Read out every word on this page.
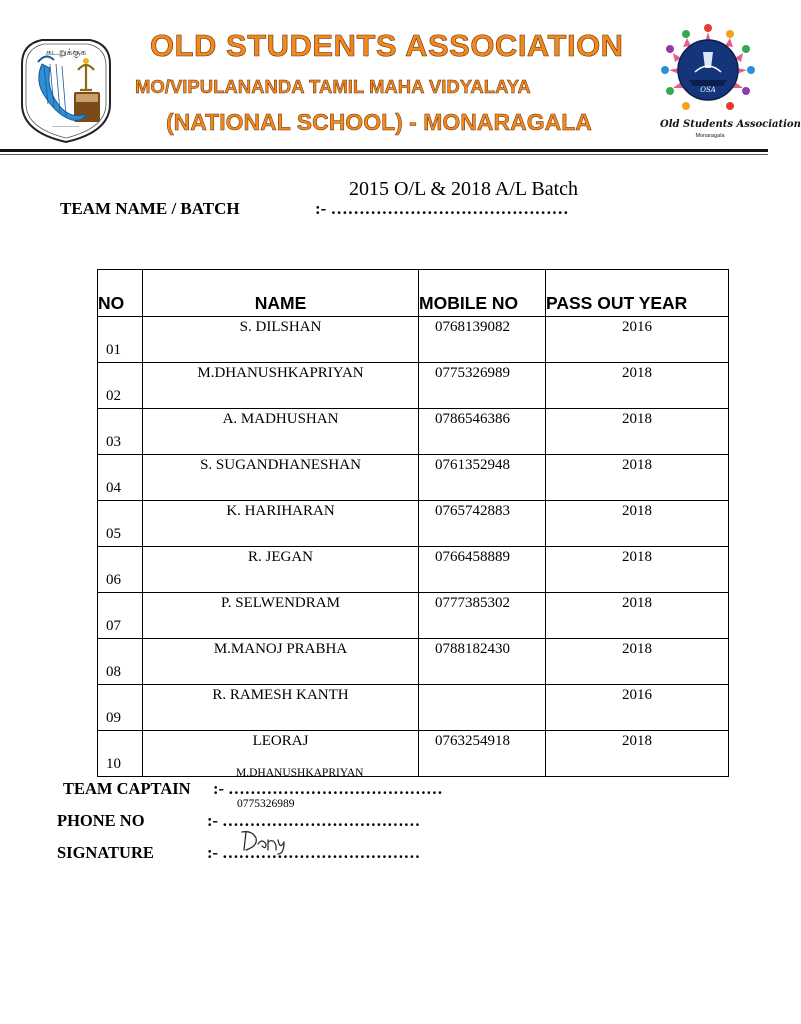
கடறுக்குக
---------------
OLD STUDENTS ASSOCIATION
MO/VIPULANANDA TAMIL MAHA VIDYALAYA
(NATIONAL SCHOOL) - MONARAGALA
OSA
Old Students Association
Monaragala
TEAM NAME / BATCH	:- ……………………………………
2015 O/L & 2018 A/L Batch
NO	NAME	MOBILE NO	PASS OUT YEAR
01	S. DILSHAN	0768139082	2016
02	M.DHANUSHKAPRIYAN	0775326989	2018
03	A. MADHUSHAN	0786546386	2018
04	S. SUGANDHANESHAN	0761352948	2018
05	K. HARIHARAN	0765742883	2018
06	R. JEGAN	0766458889	2018
07	P. SELWENDRAM	0777385302	2018
08	M.MANOJ PRABHA	0788182430	2018
09	R. RAMESH KANTH		2016
10	LEORAJ	0763254918	2018
M.DHANUSHKAPRIYAN
TEAM CAPTAIN :- …………………………………
0775326989
PHONE NO	:- ………………………………
SIGNATURE	:- ………………………………
